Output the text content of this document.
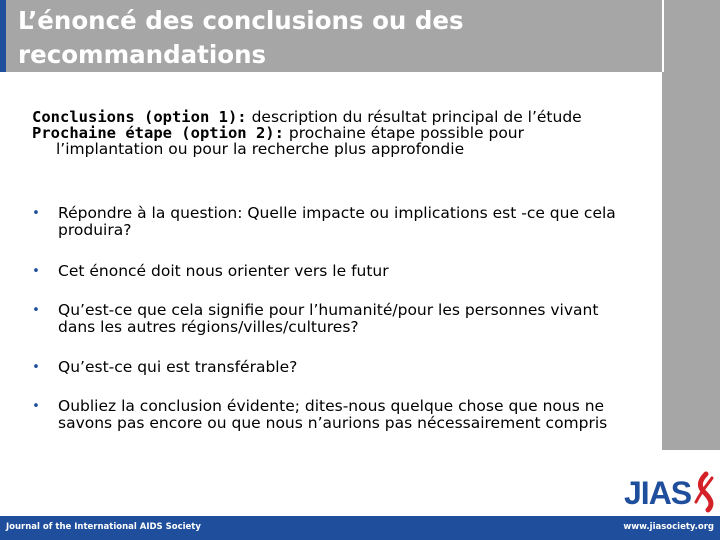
L’énoncé des conclusions ou des recommandations
Conclusions (option 1): description du résultat principal de l’étude
Prochaine étape (option 2): prochaine étape possible pour l’implantation ou pour la recherche plus approfondie
• Répondre à la question: Quelle impacte ou implications est -ce que cela produira?
• Cet énoncé doit nous orienter vers le futur
• Qu’est-ce que cela signifie pour l’humanité/pour les personnes vivant dans les autres régions/villes/cultures?
• Qu’est-ce qui est transférable?
• Oubliez la conclusion évidente; dites-nous quelque chose que nous ne savons pas encore ou que nous n’aurions pas nécessairement compris
JIAS
Journal of the International AIDS Society	www.jiasociety.org
